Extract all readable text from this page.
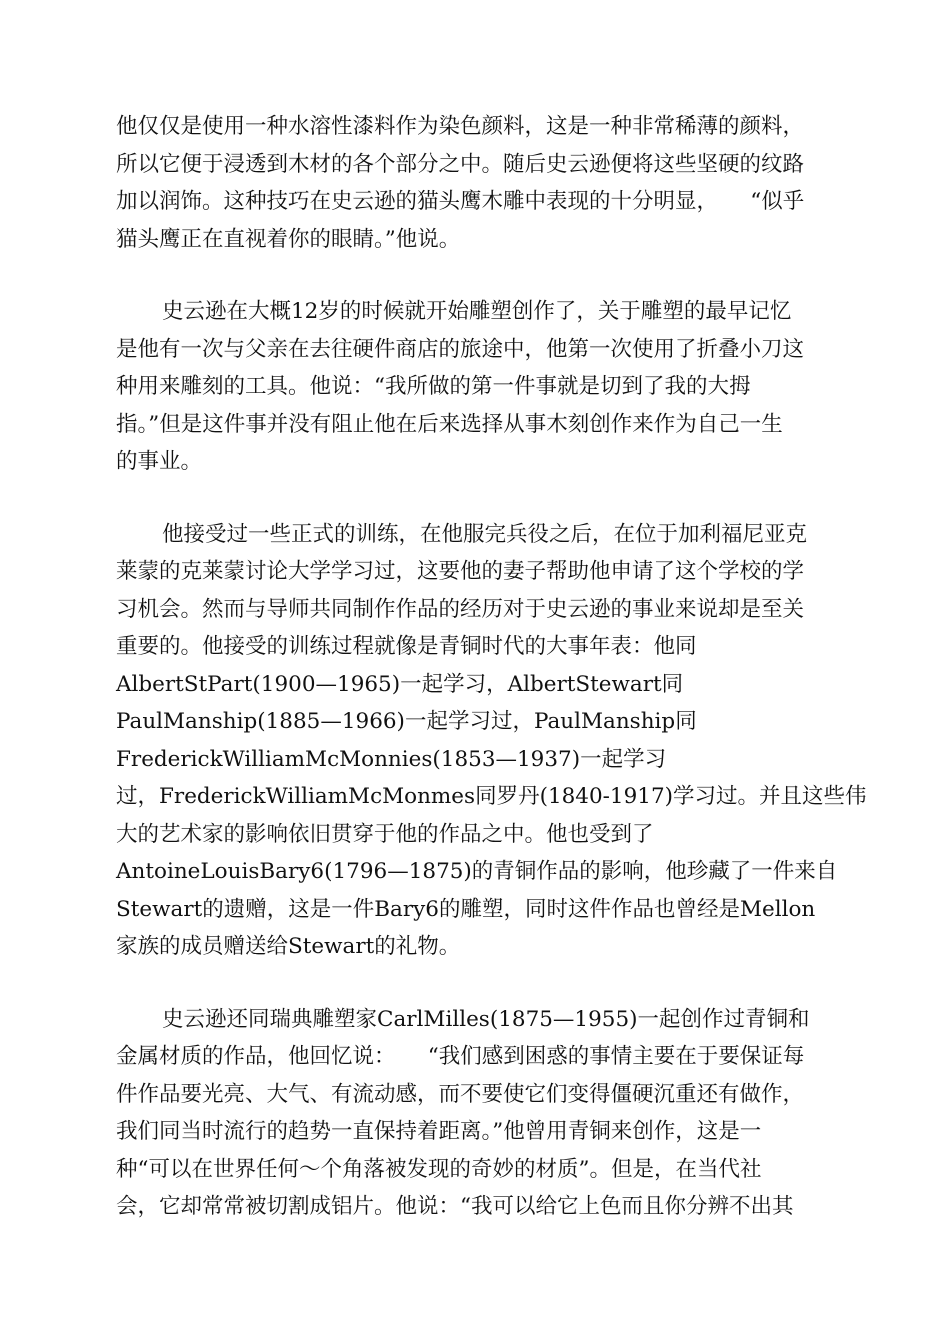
他仅仅是使用一种水溶性漆料作为染色颜料，这是一种非常稀薄的颜料，
所以它便于浸透到木材的各个部分之中。随后史云逊便将这些坚硬的纹路
加以润饰。这种技巧在史云逊的猫头鹰木雕中表现的十分明显，　　“似乎
猫头鹰正在直视着你的眼睛。”他说。
史云逊在大概12岁的时候就开始雕塑创作了，关于雕塑的最早记忆
是他有一次与父亲在去往硬件商店的旅途中，他第一次使用了折叠小刀这
种用来雕刻的工具。他说：“我所做的第一件事就是切到了我的大拇
指。”但是这件事并没有阻止他在后来选择从事木刻创作来作为自己一生
的事业。
他接受过一些正式的训练，在他服完兵役之后，在位于加利福尼亚克
莱蒙的克莱蒙讨论大学学习过，这要他的妻子帮助他申请了这个学校的学
习机会。然而与导师共同制作作品的经历对于史云逊的事业来说却是至关
重要的。他接受的训练过程就像是青铜时代的大事年表：他同
AlbertStPart(1900—1965)一起学习，AlbertStewart同
PaulManship(1885—1966)一起学习过，PaulManship同
FrederickWilliamMcMonnies(1853—1937)一起学习
过，FrederickWilliamMcMonmes同罗丹(1840-1917)学习过。并且这些伟
大的艺术家的影响依旧贯穿于他的作品之中。他也受到了
AntoineLouisBary6(1796—1875)的青铜作品的影响，他珍藏了一件来自
Stewart的遗赠，这是一件Bary6的雕塑，同时这件作品也曾经是Mellon
家族的成员赠送给Stewart的礼物。
史云逊还同瑞典雕塑家CarlMilles(1875—1955)一起创作过青铜和
金属材质的作品，他回忆说：　　“我们感到困惑的事情主要在于要保证每
件作品要光亮、大气、有流动感，而不要使它们变得僵硬沉重还有做作，
我们同当时流行的趋势一直保持着距离。”他曾用青铜来创作，这是一
种“可以在世界任何～个角落被发现的奇妙的材质”。但是，在当代社
会，它却常常被切割成铝片。他说：“我可以给它上色而且你分辨不出其
